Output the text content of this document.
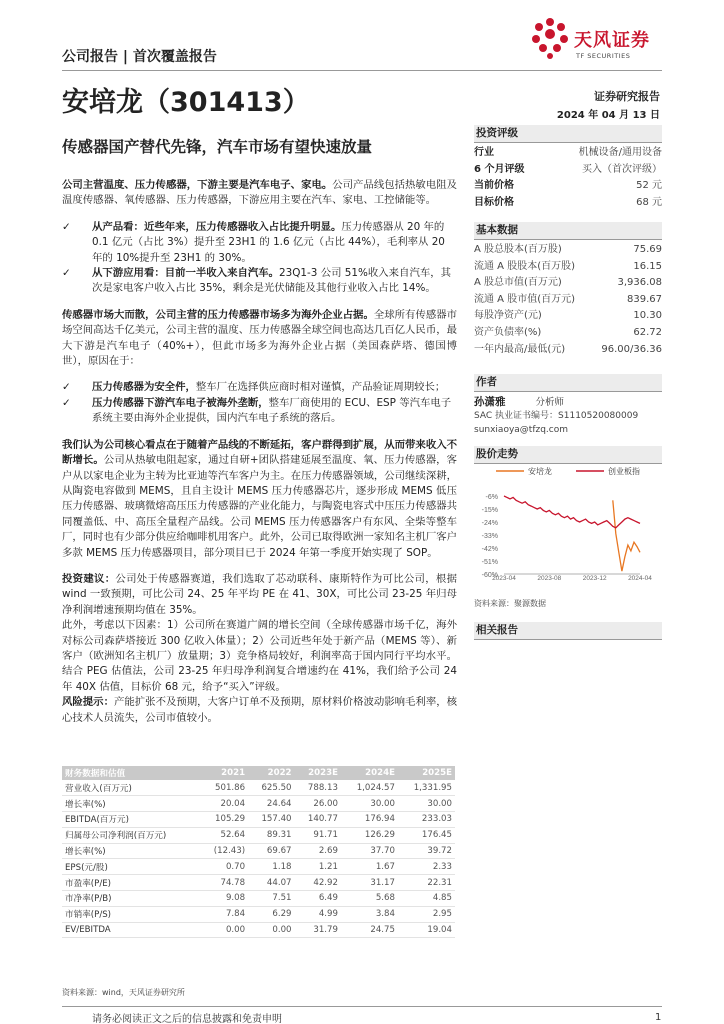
公司报告 | 首次覆盖报告
天风证券
TF SECURITIES
安培龙（301413）	证券研究报告
2024 年 04 月 13 日
传感器国产替代先锋，汽车市场有望快速放量

公司主营温度、压力传感器，下游主要是汽车电子、家电。公司产品线包括热敏电阻及温度传感器、氧传感器、压力传感器，下游应用主要在汽车、家电、工控储能等。

✓ 从产品看：近些年来，压力传感器收入占比提升明显。压力传感器从 20 年的 0.1 亿元（占比 3%）提升至 23H1 的 1.6 亿元（占比 44%），毛利率从 20 年的 10%提升至 23H1 的 30%。
✓ 从下游应用看：目前一半收入来自汽车。23Q1-3 公司 51%收入来自汽车，其次是家电客户收入占比 35%，剩余是光伏储能及其他行业收入占比 14%。

传感器市场大而散，公司主营的压力传感器市场多为海外企业占据。全球所有传感器市场空间高达千亿美元，公司主营的温度、压力传感器全球空间也高达几百亿人民币，最大下游是汽车电子（40%+），但此市场多为海外企业占据（美国森萨塔、德国博世），原因在于：

✓ 压力传感器为安全件，整车厂在选择供应商时相对谨慎，产品验证周期较长；
✓ 压力传感器下游汽车电子被海外垄断，整车厂商使用的 ECU、ESP 等汽车电子系统主要由海外企业提供，国内汽车电子系统的落后。

我们认为公司核心看点在于随着产品线的不断延拓，客户群得到扩展，从而带来收入不断增长。公司从热敏电阻起家，通过自研+团队搭建延展至温度、氧、压力传感器，客户从以家电企业为主转为比亚迪等汽车客户为主。在压力传感器领域，公司继续深耕，从陶瓷电容做到 MEMS，且自主设计 MEMS 压力传感器芯片，逐步形成 MEMS 低压压力传感器、玻璃微熔高压压力传感器的产业化能力，与陶瓷电容式中压压力传感器共同覆盖低、中、高压全量程产品线。公司 MEMS 压力传感器客户有东风、全柴等整车厂，同时也有少部分供应给咖啡机用客户。此外，公司已取得欧洲一家知名主机厂客户多款 MEMS 压力传感器项目，部分项目已于 2024 年第一季度开始实现了 SOP。

投资建议：公司处于传感器赛道，我们选取了芯动联科、康斯特作为可比公司，根据 wind 一致预期，可比公司 24、25 年平均 PE 在 41、30X，可比公司 23-25 年归母净利润增速预期均值在 35%。

此外，考虑以下因素：1）公司所在赛道广阔的增长空间（全球传感器市场千亿，海外对标公司森萨塔接近 300 亿收入体量）；2）公司近些年处于新产品（MEMS 等）、新客户（欧洲知名主机厂）放量期；3）竞争格局较好，利润率高于国内同行平均水平。结合 PEG 估值法，公司 23-25 年归母净利润复合增速约在 41%，我们给予公司 24 年 40X 估值，目标价 68 元，给予“买入”评级。

风险提示：产能扩张不及预期，大客户订单不及预期，原材料价格波动影响毛利率，核心技术人员流失，公司市值较小。

投资评级
行业	机械设备/通用设备
6 个月评级	买入（首次评级）
当前价格	52 元
目标价格	68 元
基本数据
A 股总股本(百万股)	75.69
流通 A 股股本(百万股)	16.15
A 股总市值(百万元)	3,936.08
流通 A 股市值(百万元)	839.67
每股净资产(元)	10.30
资产负债率(%)	62.72
一年内最高/最低(元)	96.00/36.36
作者
孙潇雅	分析师
SAC 执业证书编号：S1110520080009
sunxiaoya@tfzq.com
股价走势
安培龙	创业板指
-6%
-15%
-24%
-33%
-42%
-51%
-60%
2023-04	2023-08	2023-12	2024-04
资料来源：聚源数据
相关报告
财务数据和估值	2021	2022	2023E	2024E	2025E
营业收入(百万元)	501.86	625.50	788.13	1,024.57	1,331.95
增长率(%)	20.04	24.64	26.00	30.00	30.00
EBITDA(百万元)	105.29	157.40	140.77	176.94	233.03
归属母公司净利润(百万元)	52.64	89.31	91.71	126.29	176.45
增长率(%)	(12.43)	69.67	2.69	37.70	39.72
EPS(元/股)	0.70	1.18	1.21	1.67	2.33
市盈率(P/E)	74.78	44.07	42.92	31.17	22.31
市净率(P/B)	9.08	7.51	6.49	5.68	4.85
市销率(P/S)	7.84	6.29	4.99	3.84	2.95
EV/EBITDA	0.00	0.00	31.79	24.75	19.04
资料来源：wind，天风证券研究所
请务必阅读正文之后的信息披露和免责申明	1
